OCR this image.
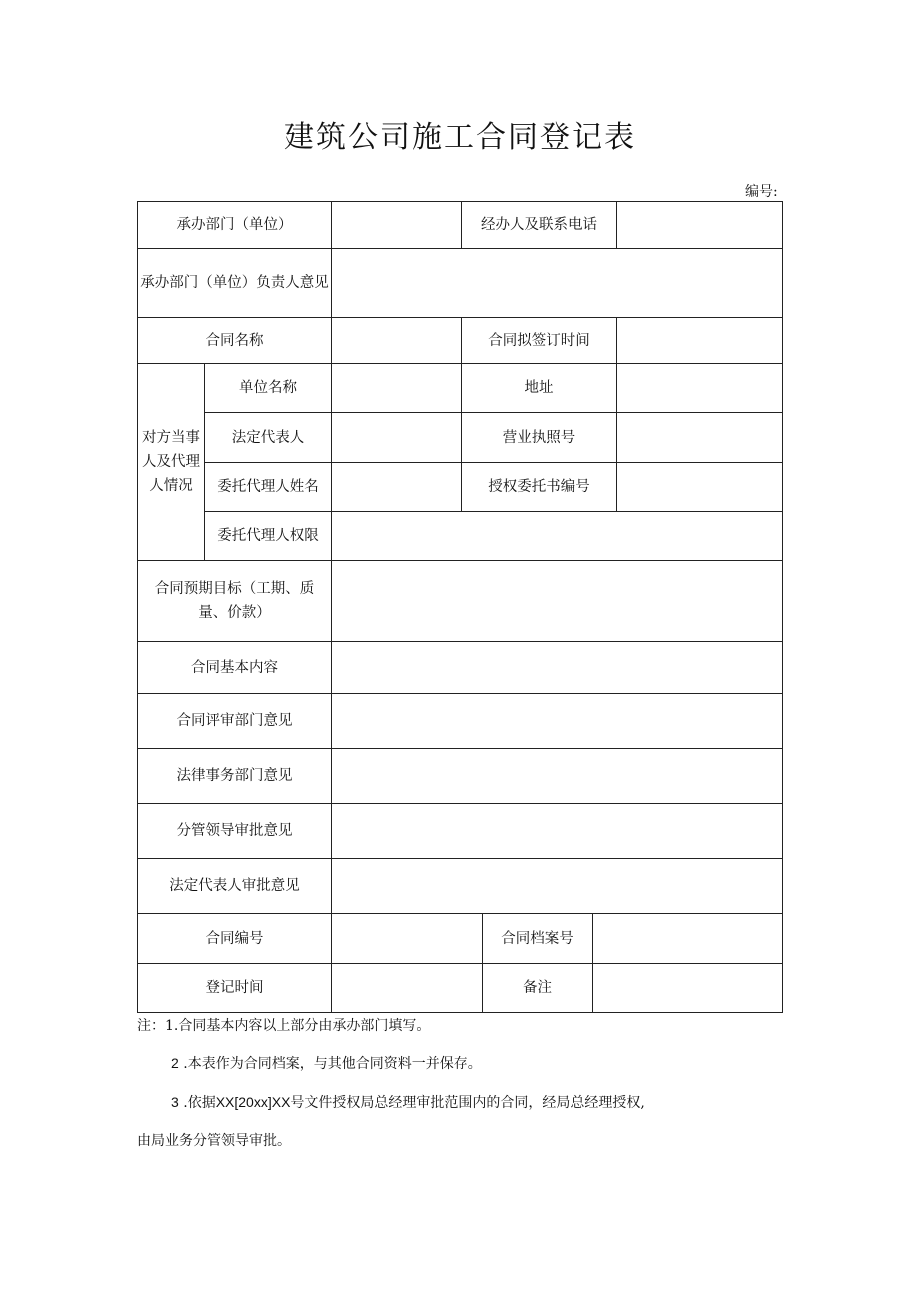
建筑公司施工合同登记表
编号:
承办部门（单位）	经办人及联系电话
承办部门（单位）负责人意见
合同名称	合同拟签订时间
对方当事人及代理人情况
单位名称	地址
法定代表人	营业执照号
委托代理人姓名	授权委托书编号
委托代理人权限
合同预期目标（工期、质量、价款）
合同基本内容
合同评审部门意见
法律事务部门意见
分管领导审批意见
法定代表人审批意见
合同编号	合同档案号
登记时间	备注
注：1.合同基本内容以上部分由承办部门填写。
2 .本表作为合同档案，与其他合同资料一并保存。
3 .依据XX[20xx]XX号文件授权局总经理审批范围内的合同，经局总经理授权,
由局业务分管领导审批。
